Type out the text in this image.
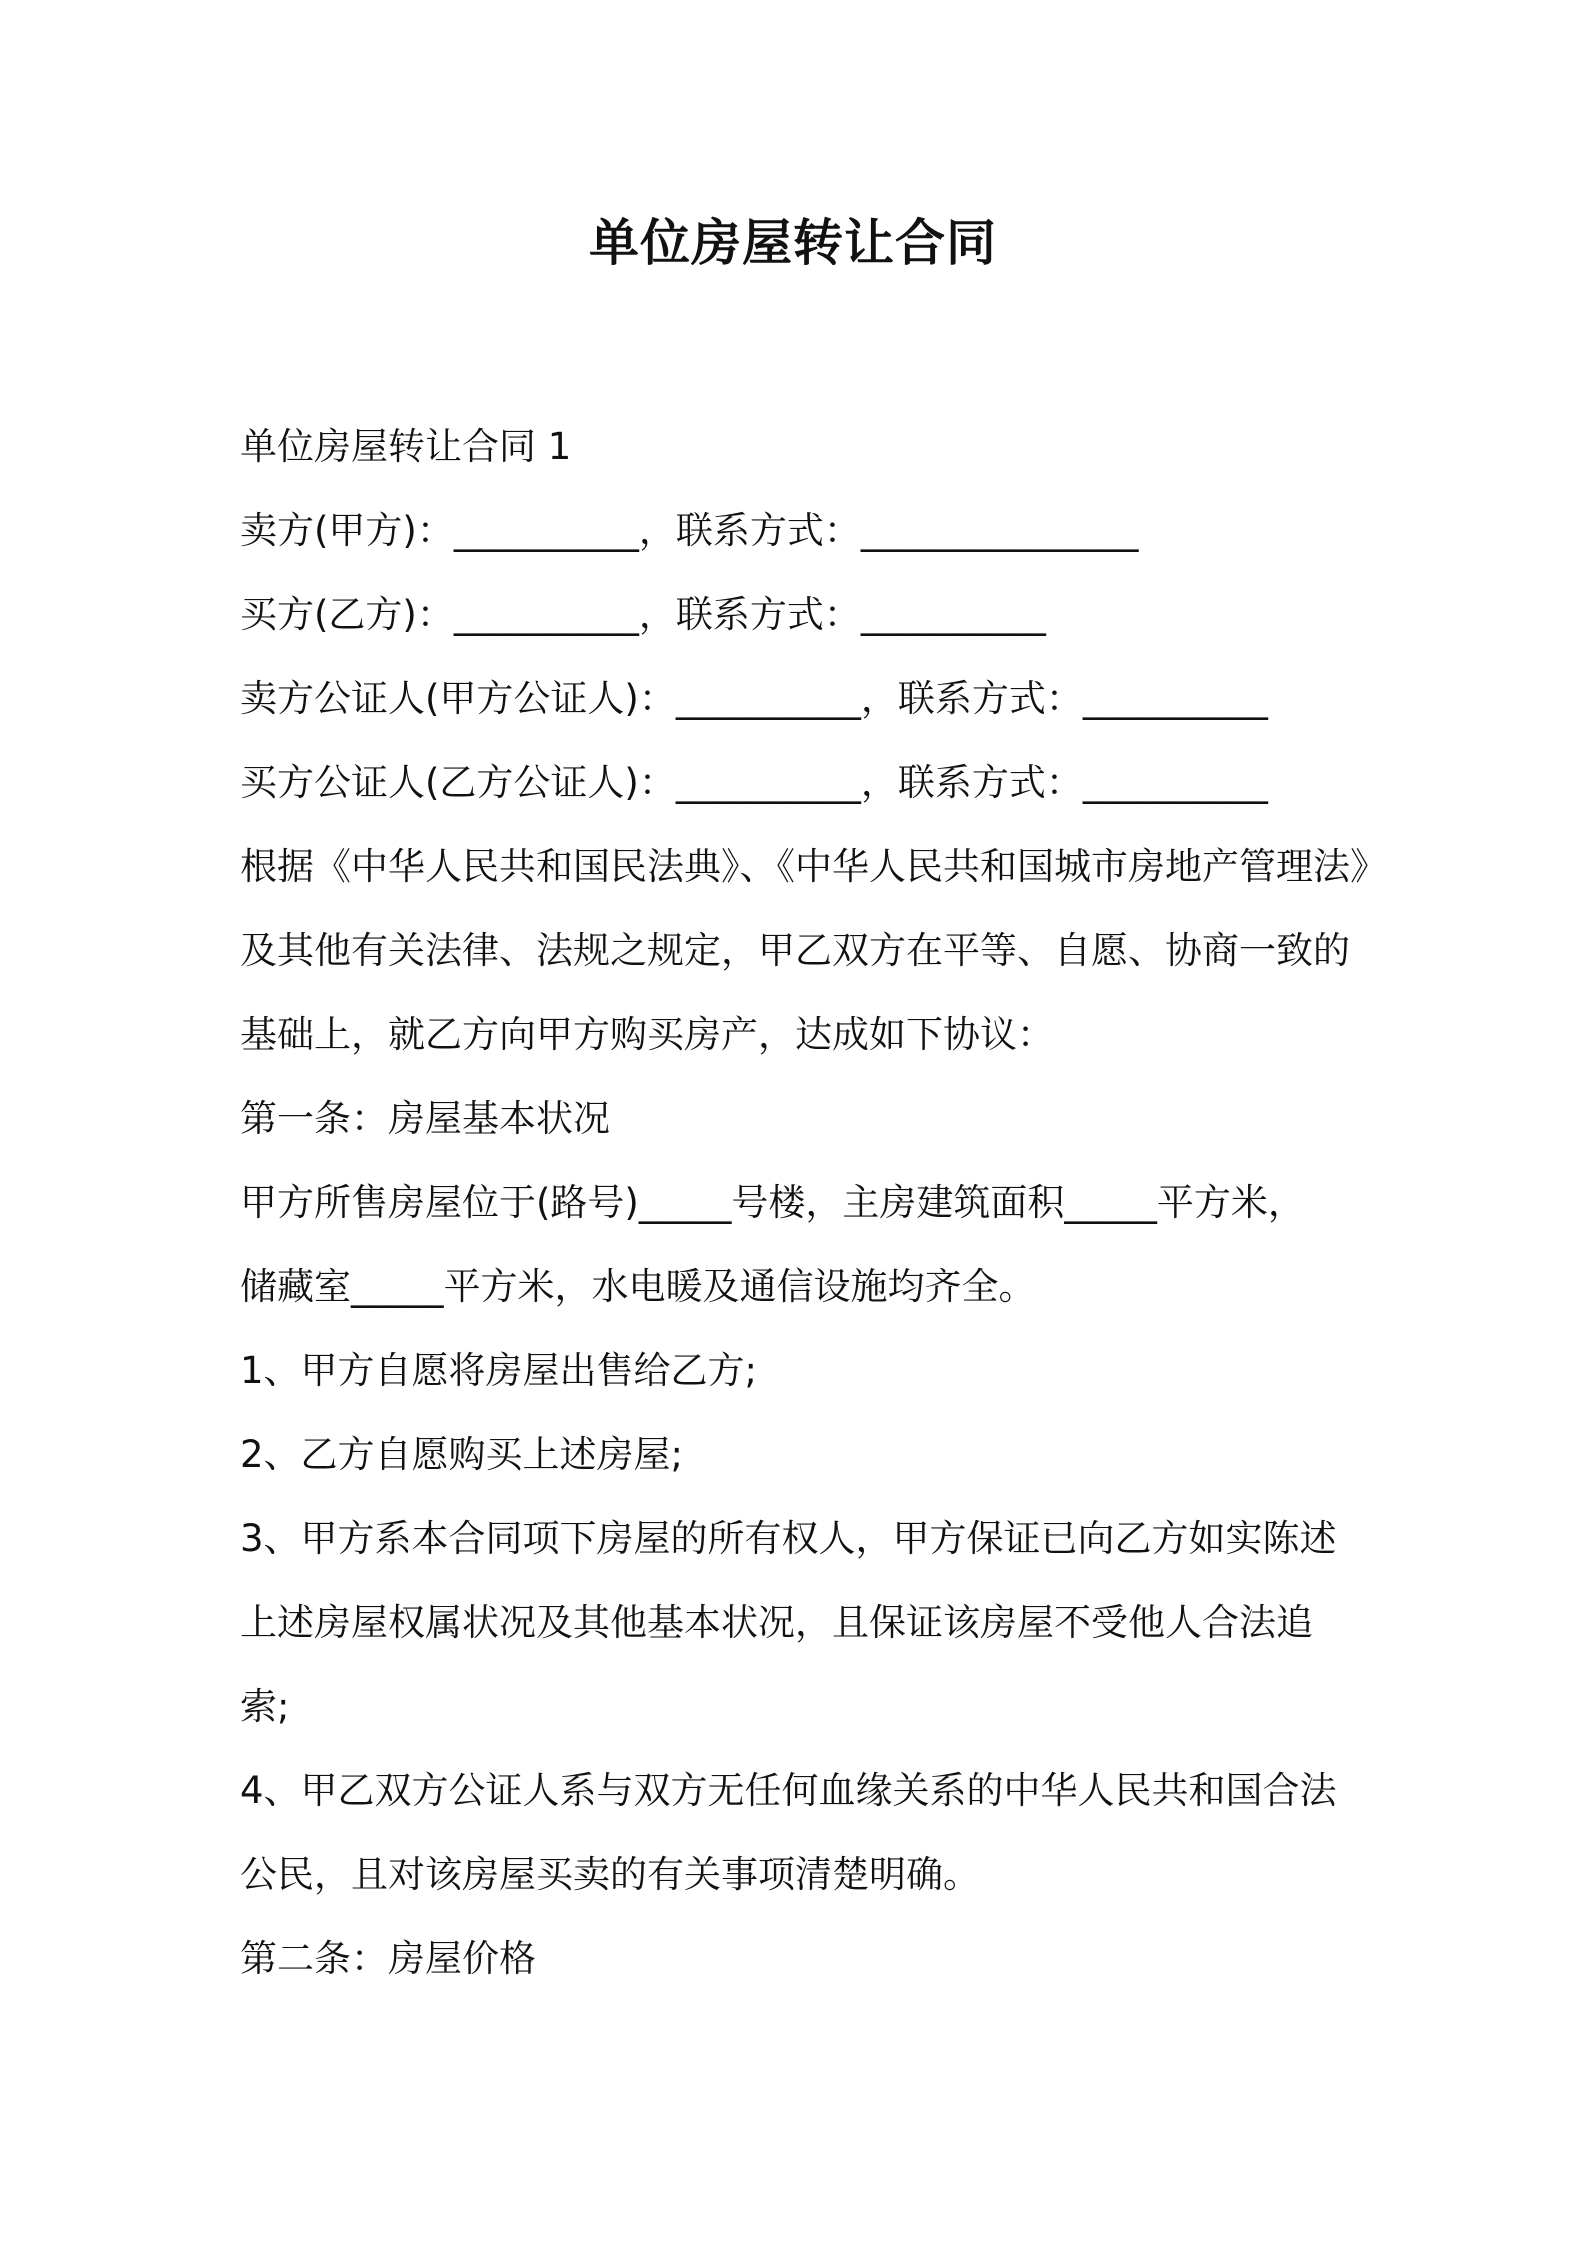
单位房屋转让合同
单位房屋转让合同 1
卖方(甲方)：__________，联系方式：_______________
买方(乙方)：__________，联系方式：__________
卖方公证人(甲方公证人)：__________，联系方式：__________
买方公证人(乙方公证人)：__________，联系方式：__________
根据《中华人民共和国民法典》、《中华人民共和国城市房地产管理法》
及其他有关法律、法规之规定，甲乙双方在平等、自愿、协商一致的
基础上，就乙方向甲方购买房产，达成如下协议：
第一条：房屋基本状况
甲方所售房屋位于(路号)_____号楼，主房建筑面积_____平方米，
储藏室_____平方米，水电暖及通信设施均齐全。
1、甲方自愿将房屋出售给乙方;
2、乙方自愿购买上述房屋;
3、甲方系本合同项下房屋的所有权人，甲方保证已向乙方如实陈述
上述房屋权属状况及其他基本状况，且保证该房屋不受他人合法追
索;
4、甲乙双方公证人系与双方无任何血缘关系的中华人民共和国合法
公民，且对该房屋买卖的有关事项清楚明确。
第二条：房屋价格
